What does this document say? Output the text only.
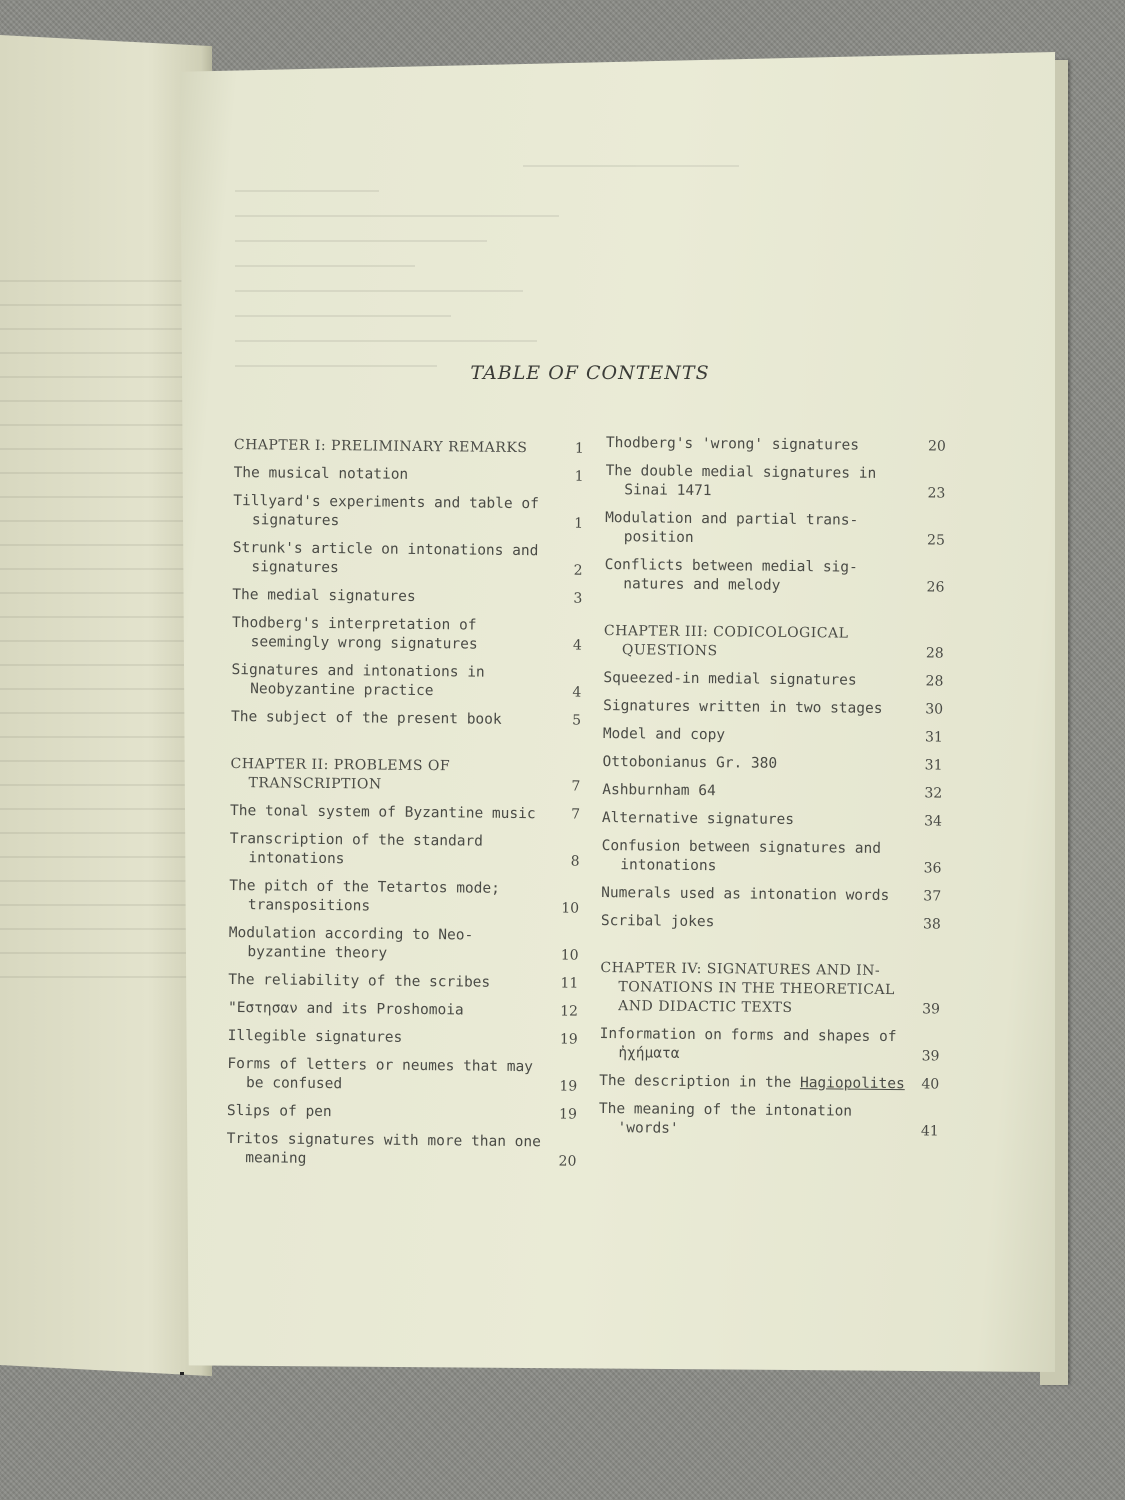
TABLE OF CONTENTS
CHAPTER I: PRELIMINARY REMARKS	1
The musical notation	1
Tillyard's experiments and table of signatures	1
Strunk's article on intonations and signatures	2
The medial signatures	3
Thodberg's interpretation of seemingly wrong signatures	4
Signatures and intonations in Neobyzantine practice	4
The subject of the present book	5
CHAPTER II: PROBLEMS OF TRANSCRIPTION	7
The tonal system of Byzantine music	7
Transcription of the standard intonations	8
The pitch of the Tetartos mode; transpositions	10
Modulation according to Neo-byzantine theory	10
The reliability of the scribes	11
"Εστησαν and its Proshomoia	12
Illegible signatures	19
Forms of letters or neumes that may be confused	19
Slips of pen	19
Tritos signatures with more than one meaning	20
Thodberg's 'wrong' signatures	20
The double medial signatures in Sinai 1471	23
Modulation and partial trans-position	25
Conflicts between medial sig-natures and melody	26
CHAPTER III: CODICOLOGICAL QUESTIONS	28
Squeezed-in medial signatures	28
Signatures written in two stages	30
Model and copy	31
Ottobonianus Gr. 380	31
Ashburnham 64	32
Alternative signatures	34
Confusion between signatures and intonations	36
Numerals used as intonation words	37
Scribal jokes	38
CHAPTER IV: SIGNATURES AND IN-TONATIONS IN THE THEORETICAL AND DIDACTIC TEXTS	39
Information on forms and shapes of ἠχήματα	39
The description in the Hagiopolites	40
The meaning of the intonation 'words'	41
